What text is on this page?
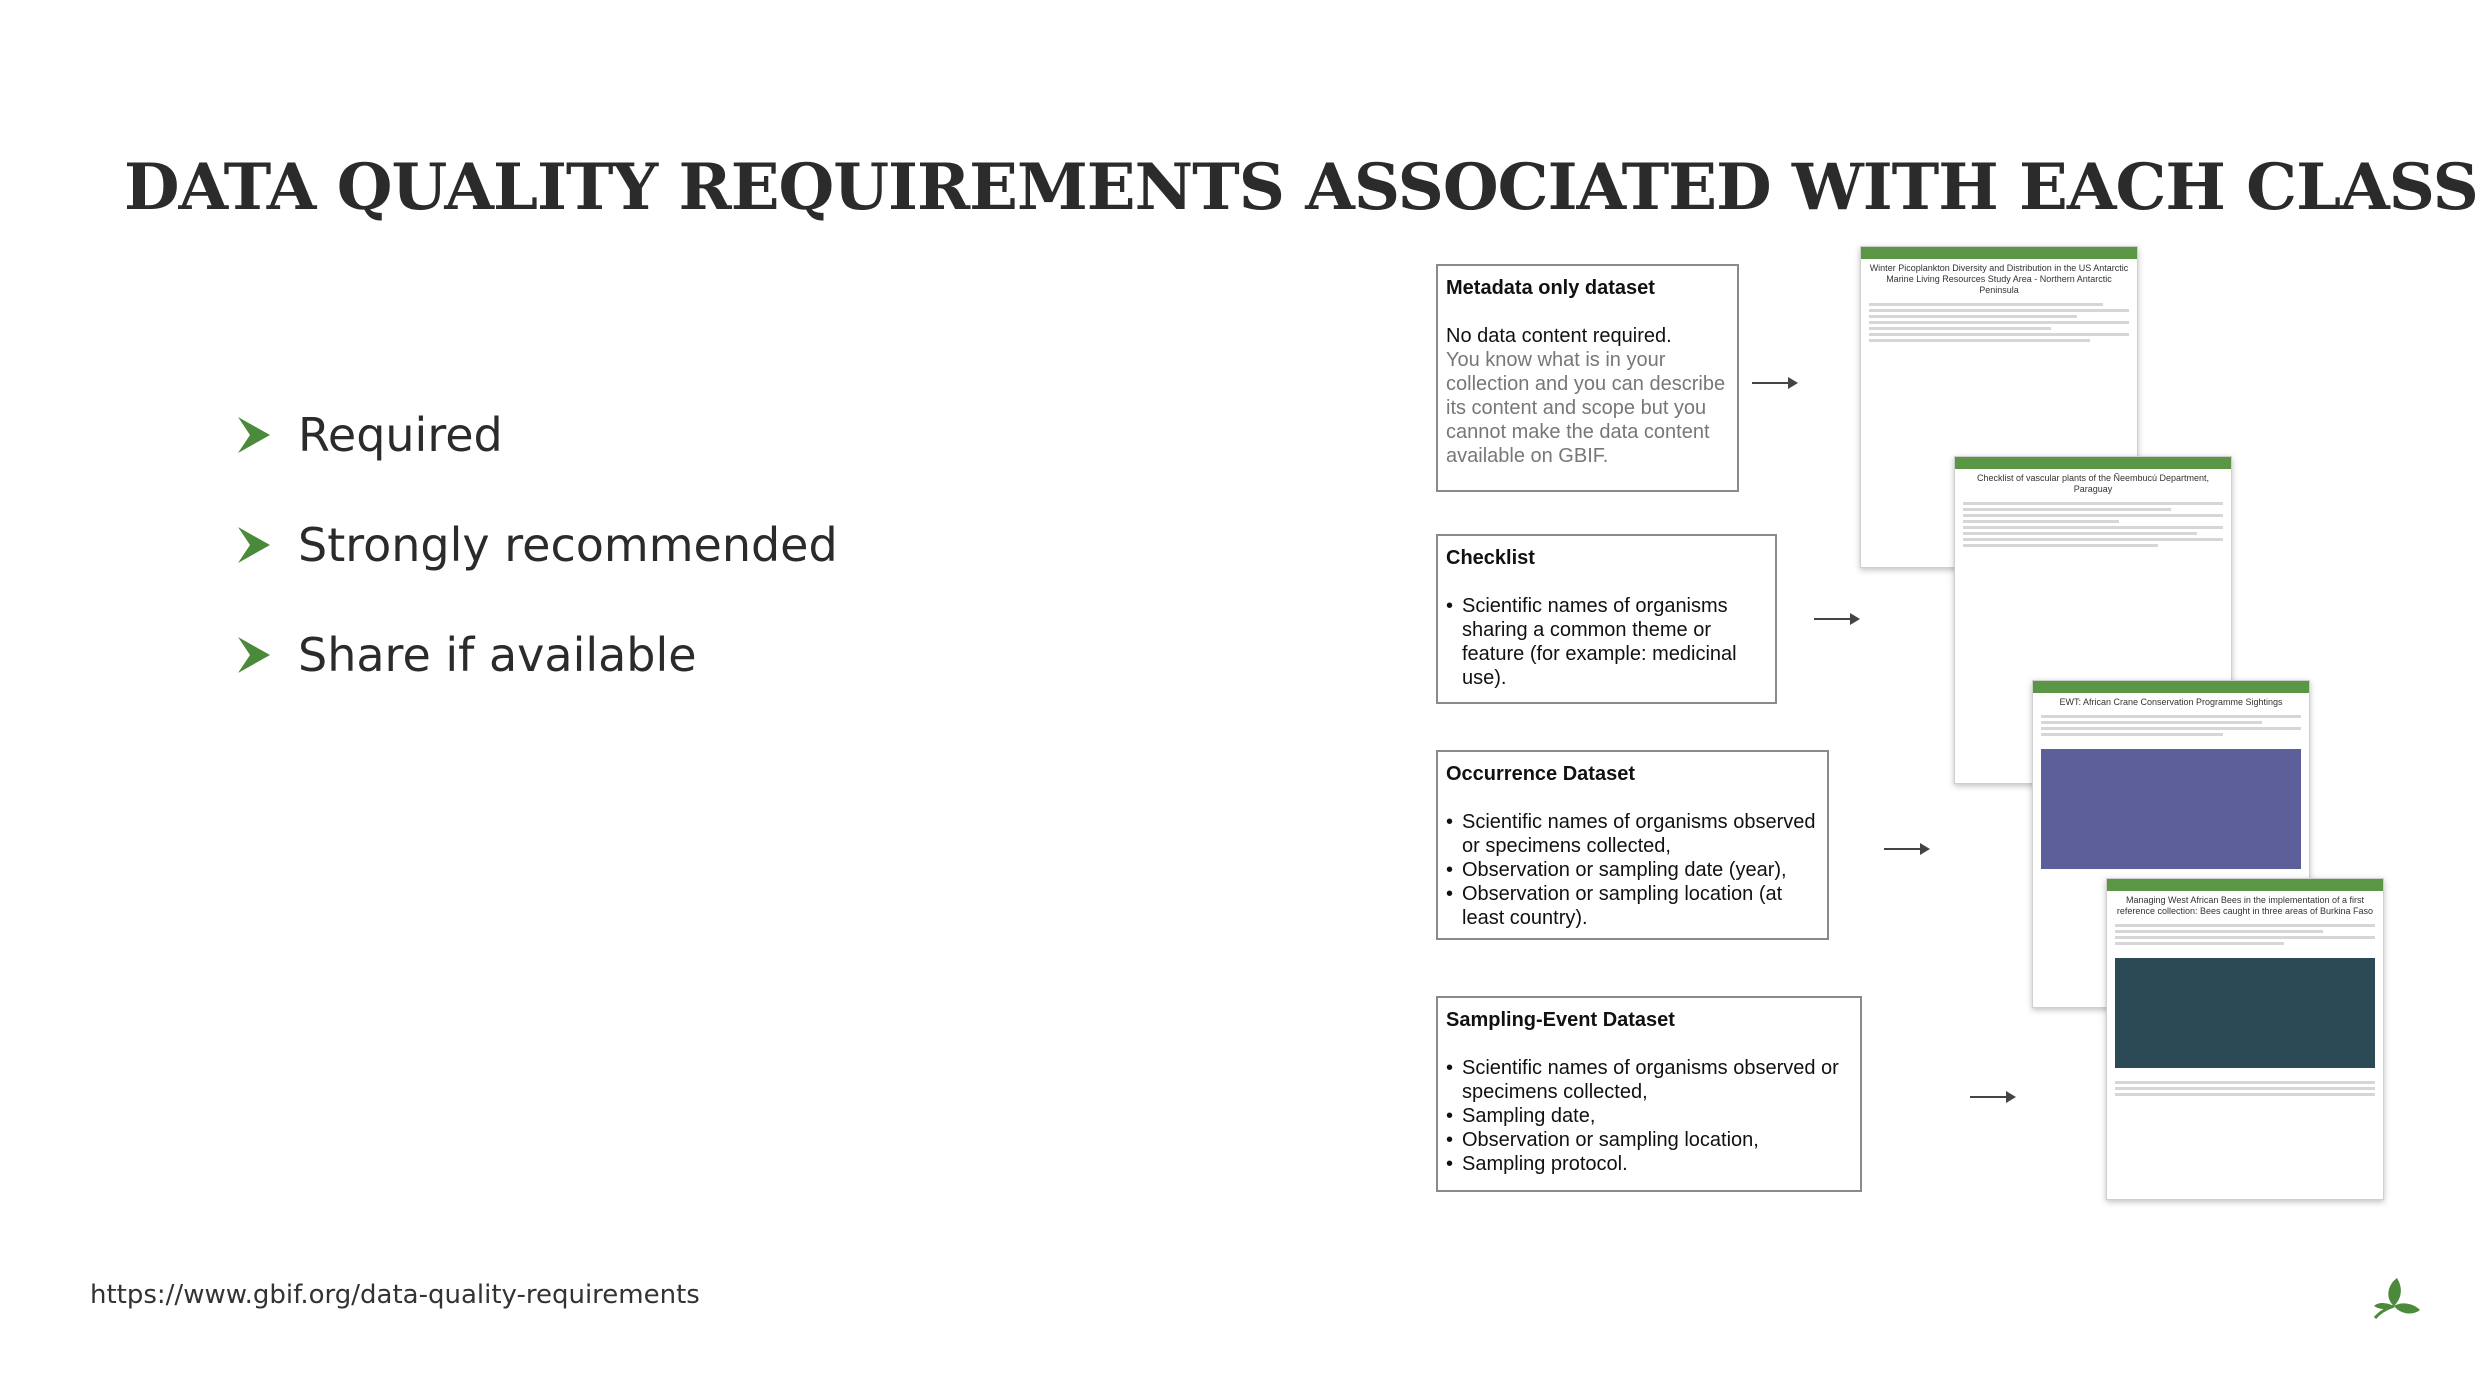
DATA QUALITY REQUIREMENTS ASSOCIATED WITH EACH CLASS
Required
Strongly recommended
Share if available
Metadata only dataset
No data content required.
You know what is in your collection and you can describe its content and scope but you cannot make the data content available on GBIF.
Checklist
• Scientific names of organisms sharing a common theme or feature (for example: medicinal use).
Occurrence Dataset
• Scientific names of organisms observed or specimens collected,
• Observation or sampling date (year),
• Observation or sampling location (at least country).
Sampling-Event Dataset
• Scientific names of organisms observed or specimens collected,
• Sampling date,
• Observation or sampling location,
• Sampling protocol.
Winter Picoplankton Diversity and Distribution in the US Antarctic Marine Living Resources Study Area - Northern Antarctic Peninsula
Checklist of vascular plants of the Ñeembucú Department, Paraguay
EWT: African Crane Conservation Programme Sightings
Managing West African Bees in the implementation of a first reference collection: Bees caught in three areas of Burkina Faso
https://www.gbif.org/data-quality-requirements
